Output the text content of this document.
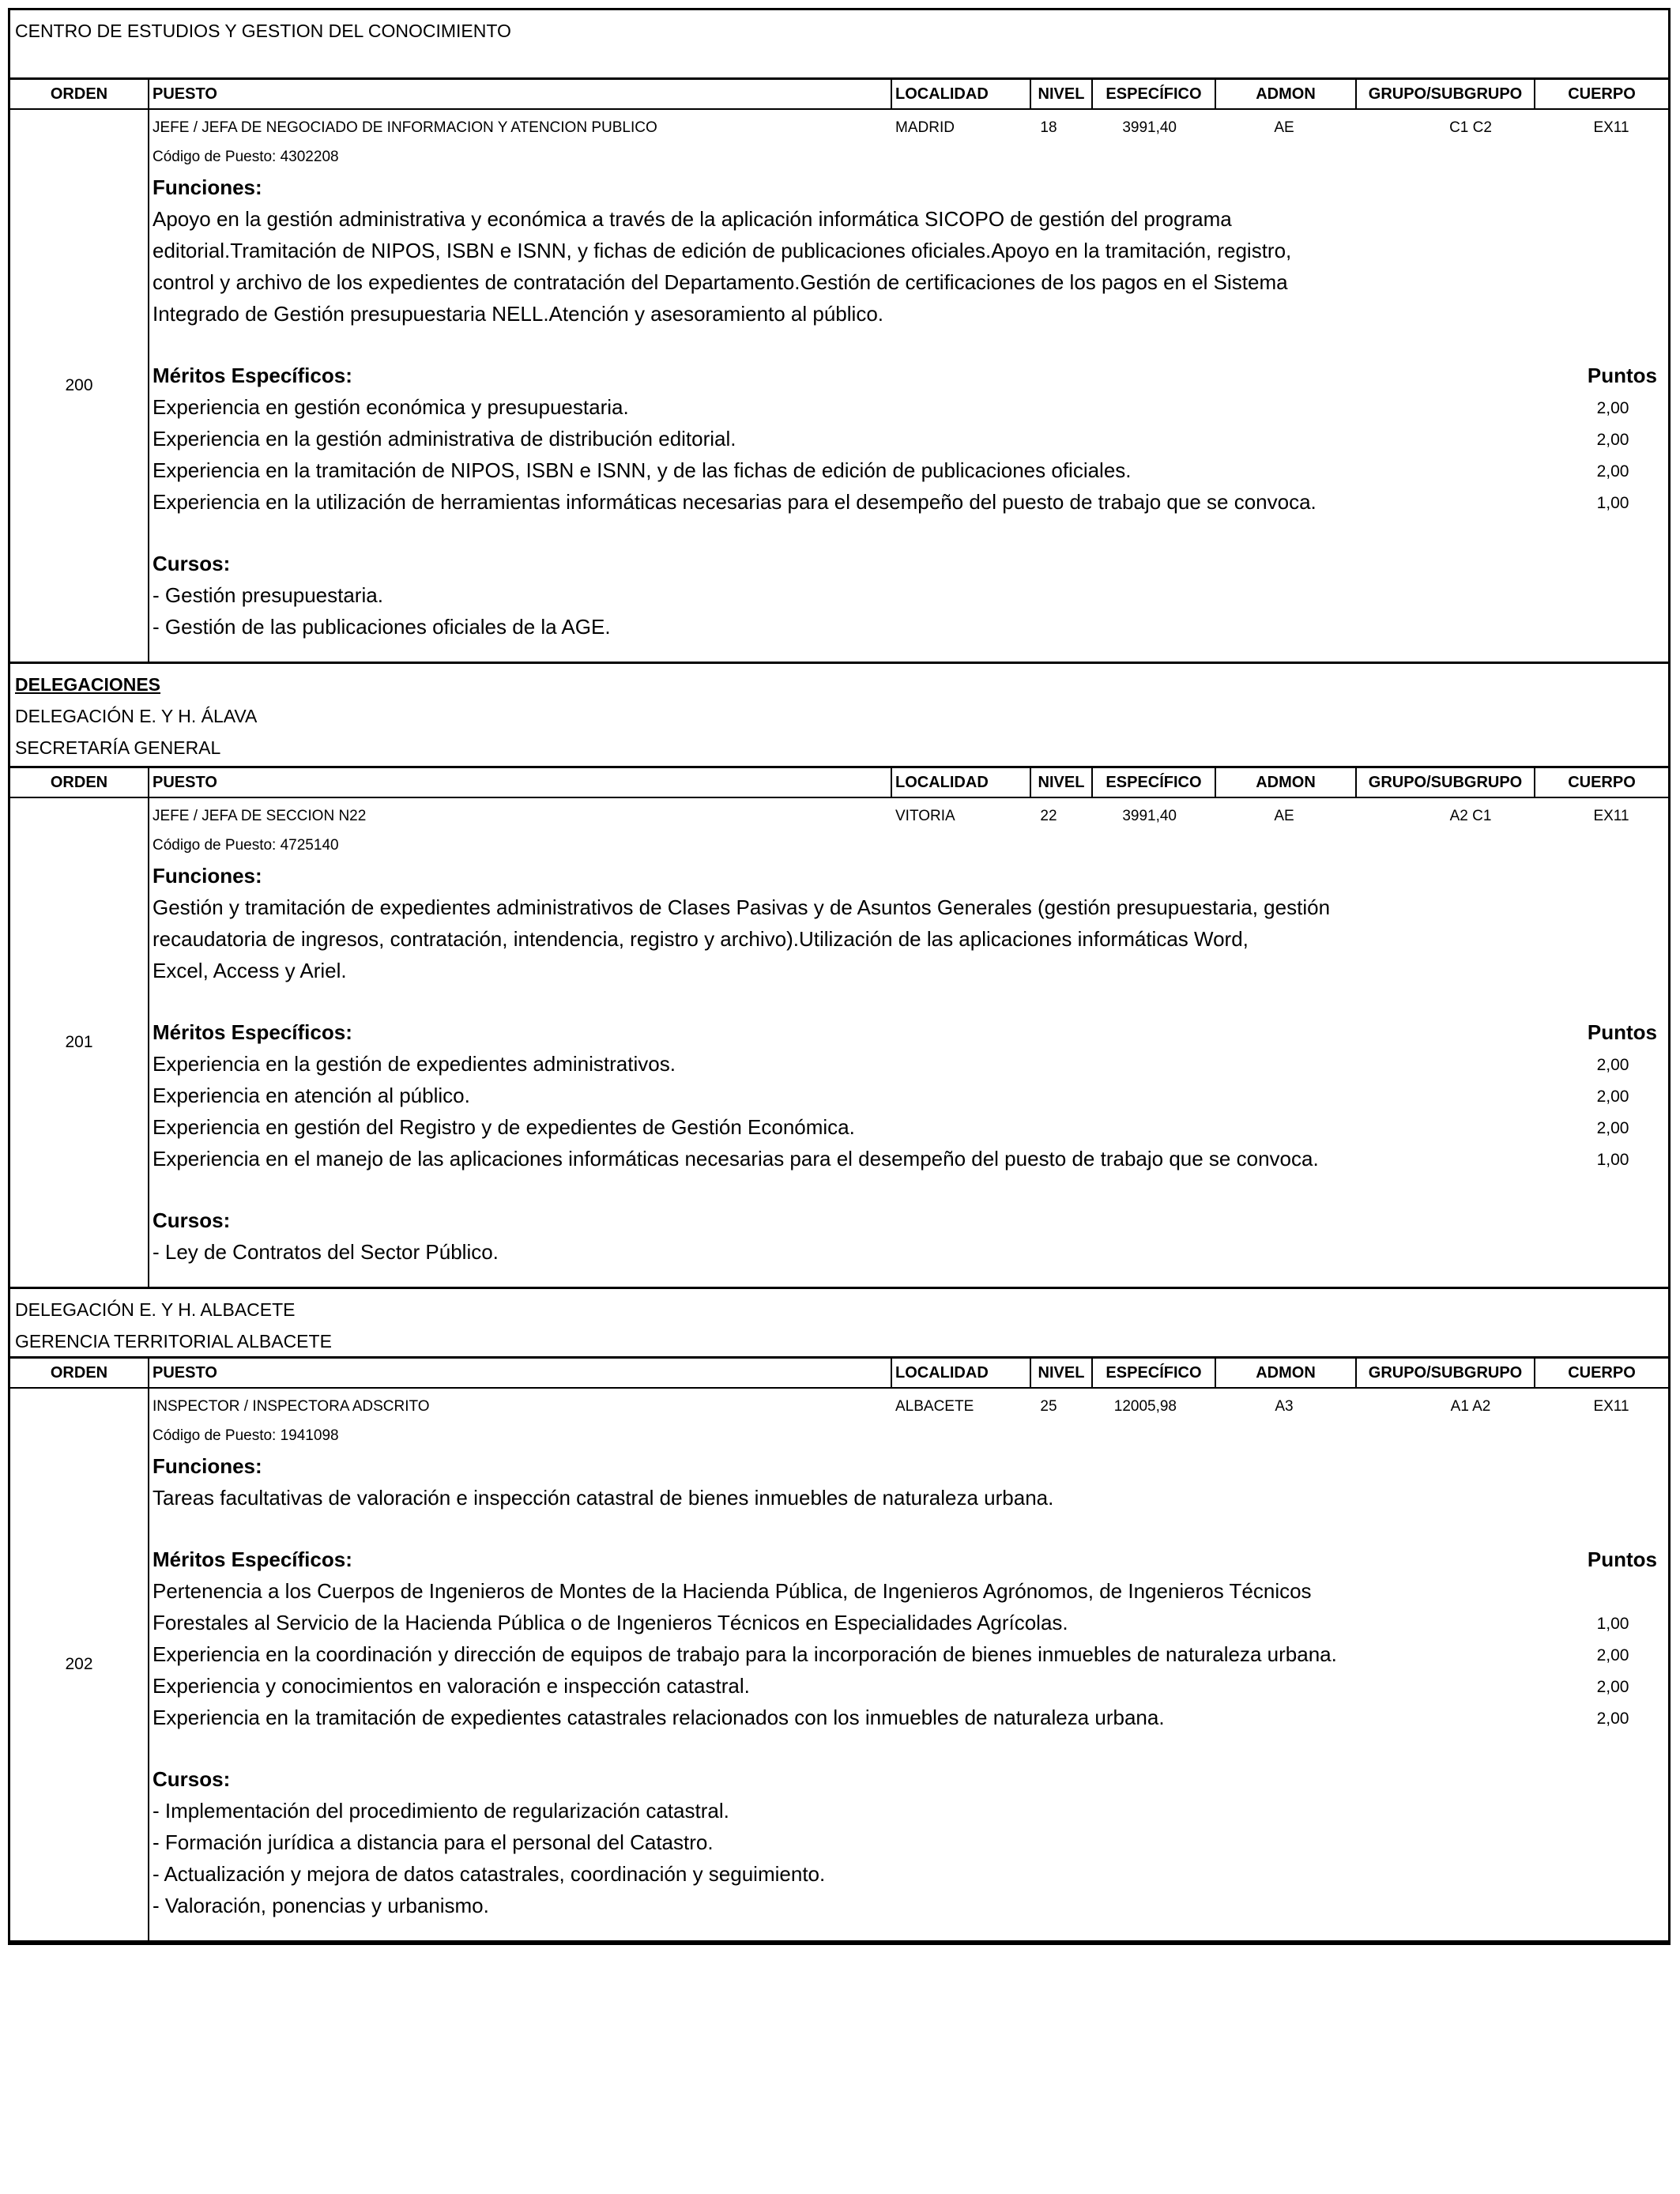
CENTRO DE ESTUDIOS Y GESTION DEL CONOCIMIENTO
ORDEN	PUESTO	LOCALIDAD	NIVEL	ESPECÍFICO	ADMON	GRUPO/SUBGRUPO	CUERPO
200
JEFE / JEFA DE NEGOCIADO DE INFORMACION Y ATENCION PUBLICO	MADRID	18	3991,40	AE	C1 C2	EX11
Código de Puesto: 4302208
Funciones:
Apoyo en la gestión administrativa y económica a través de la aplicación informática SICOPO de gestión del programa
editorial.Tramitación de NIPOS, ISBN e ISNN, y fichas de edición de publicaciones oficiales.Apoyo en la tramitación, registro,
control y archivo de los expedientes de contratación del Departamento.Gestión de certificaciones de los pagos en el Sistema
Integrado de Gestión presupuestaria NELL.Atención y asesoramiento al público.
Méritos Específicos:	Puntos
Experiencia en gestión económica y presupuestaria.	2,00
Experiencia en la gestión administrativa de distribución editorial.	2,00
Experiencia en la tramitación de NIPOS, ISBN e ISNN, y de las fichas de edición de publicaciones oficiales.	2,00
Experiencia en la utilización de herramientas informáticas necesarias para el desempeño del puesto de trabajo que se convoca.	1,00
Cursos:
- Gestión presupuestaria.
- Gestión de las publicaciones oficiales de la AGE.
DELEGACIONES
DELEGACIÓN E. Y H. ÁLAVA
SECRETARÍA GENERAL
ORDEN	PUESTO	LOCALIDAD	NIVEL	ESPECÍFICO	ADMON	GRUPO/SUBGRUPO	CUERPO
201
JEFE / JEFA DE SECCION N22	VITORIA	22	3991,40	AE	A2 C1	EX11
Código de Puesto: 4725140
Funciones:
Gestión y tramitación de expedientes administrativos de Clases Pasivas y de Asuntos Generales (gestión presupuestaria, gestión
recaudatoria de ingresos, contratación, intendencia, registro y archivo).Utilización de las aplicaciones informáticas Word,
Excel, Access y Ariel.
Méritos Específicos:	Puntos
Experiencia en la gestión de expedientes administrativos.	2,00
Experiencia en atención al público.	2,00
Experiencia en gestión del Registro y de expedientes de Gestión Económica.	2,00
Experiencia en el manejo de las aplicaciones informáticas necesarias para el desempeño del puesto de trabajo que se convoca.	1,00
Cursos:
- Ley de Contratos del Sector Público.
DELEGACIÓN E. Y H. ALBACETE
GERENCIA TERRITORIAL ALBACETE
ORDEN	PUESTO	LOCALIDAD	NIVEL	ESPECÍFICO	ADMON	GRUPO/SUBGRUPO	CUERPO
202
INSPECTOR / INSPECTORA ADSCRITO	ALBACETE	25	12005,98	A3	A1 A2	EX11
Código de Puesto: 1941098
Funciones:
Tareas facultativas de valoración e inspección catastral de bienes inmuebles de naturaleza urbana.
Méritos Específicos:	Puntos
Pertenencia a los Cuerpos de Ingenieros de Montes de la Hacienda Pública, de Ingenieros Agrónomos, de Ingenieros Técnicos
Forestales al Servicio de la Hacienda Pública o de Ingenieros Técnicos en Especialidades Agrícolas.	1,00
Experiencia en la coordinación y dirección de equipos de trabajo para la incorporación de bienes inmuebles de naturaleza urbana.	2,00
Experiencia y conocimientos en valoración e inspección catastral.	2,00
Experiencia en la tramitación de expedientes catastrales relacionados con los inmuebles de naturaleza urbana.	2,00
Cursos:
- Implementación del procedimiento de regularización catastral.
- Formación jurídica a distancia para el personal del Catastro.
- Actualización y mejora de datos catastrales, coordinación y seguimiento.
- Valoración, ponencias y urbanismo.
